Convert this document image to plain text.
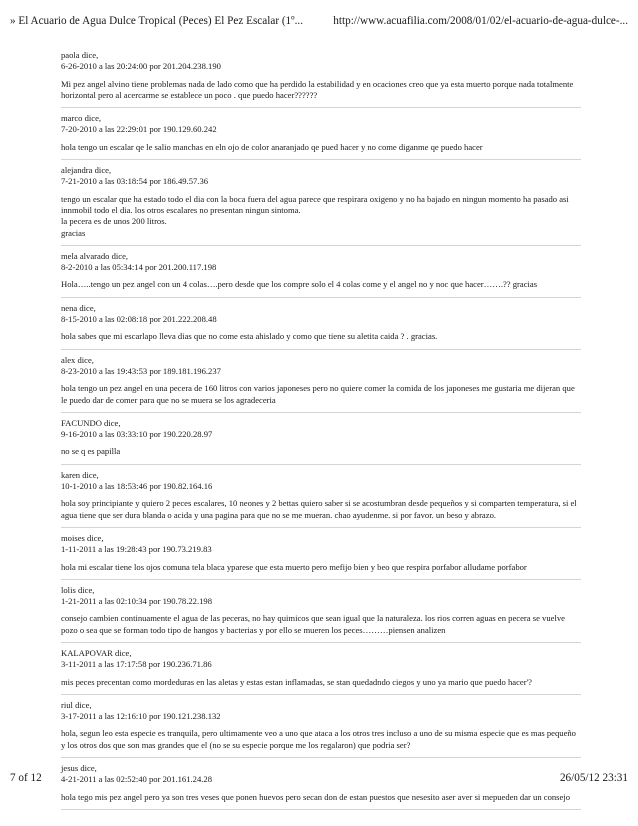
» El Acuario de Agua Dulce Tropical (Peces) El Pez Escalar (1º...	http://www.acuafilia.com/2008/01/02/el-acuario-de-agua-dulce-...
paola dice,
6-26-2010 a las 20:24:00 por 201.204.238.190
Mi pez angel alvino tiene problemas nada de lado como que ha perdido la estabilidad y en ocaciones creo que ya esta muerto porque nada totalmente horizontal pero al acercarme se establece un poco . que puedo hacer??????
marco dice,
7-20-2010 a las 22:29:01 por 190.129.60.242
hola tengo un escalar qe le salio manchas en eln ojo de color anaranjado qe pued hacer y no come diganme qe puedo hacer
alejandra dice,
7-21-2010 a las 03:18:54 por 186.49.57.36
tengo un escalar que ha estado todo el dia con la boca fuera del agua parece que respirara oxigeno y no ha bajado en ningun momento ha pasado asi innmobil todo el dia. los otros escalares no presentan ningun sintoma.
la pecera es de unos 200 litros.
gracias
mela alvarado dice,
8-2-2010 a las 05:34:14 por 201.200.117.198
Hola…..tengo un pez angel con un 4 colas….pero desde que los compre solo el 4 colas come y el angel no y noc que hacer…….?? gracias
nena dice,
8-15-2010 a las 02:08:18 por 201.222.208.48
hola sabes que mi escarlapo lleva dias que no come esta ahislado y como que tiene su aletita caida ? . gracias.
alex dice,
8-23-2010 a las 19:43:53 por 189.181.196.237
hola tengo un pez angel en una pecera de 160 litros con varios japoneses pero no quiere comer la comida de los japoneses me gustaria me dijeran que le puedo dar de comer para que no se muera se los agradeceria
FACUNDO dice,
9-16-2010 a las 03:33:10 por 190.220.28.97
no se q es papilla
karen dice,
10-1-2010 a las 18:53:46 por 190.82.164.16
hola soy principiante y quiero 2 peces escalares, 10 neones y 2 bettas quiero saber si se acostumbran desde pequeños y si comparten temperatura, si el agua tiene que ser dura blanda o acida y una pagina para que no se me mueran. chao ayudenme. si por favor. un beso y abrazo.
moises dice,
1-11-2011 a las 19:28:43 por 190.73.219.83
hola mi escalar tiene los ojos comuna tela blaca yparese que esta muerto pero mefijo bien y beo que respira porfabor alludame porfabor
lolis dice,
1-21-2011 a las 02:10:34 por 190.78.22.198
consejo cambien continuamente el agua de las peceras, no hay quimicos que sean igual que la naturaleza. los rios corren aguas en pecera se vuelve pozo o sea que se forman todo tipo de hangos y bacterias y por ello se mueren los peces………piensen analizen
KALAPOVAR dice,
3-11-2011 a las 17:17:58 por 190.236.71.86
mis peces precentan como mordeduras en las aletas y estas estan inflamadas, se stan quedadndo ciegos y uno ya mario que puedo hacer'?
riul dice,
3-17-2011 a las 12:16:10 por 190.121.238.132
hola, segun leo esta especie es tranquila, pero ultimamente veo a uno que ataca a los otros tres incluso a uno de su misma especie que es mas pequeño y los otros dos que son mas grandes que el (no se su especie porque me los regalaron) que podria ser?
jesus dice,
4-21-2011 a las 02:52:40 por 201.161.24.28
hola tego mis pez angel pero ya son tres veses que ponen huevos pero secan don de estan puestos que nesesito aser aver si mepueden dar un consejo
7 of 12	26/05/12 23:31
